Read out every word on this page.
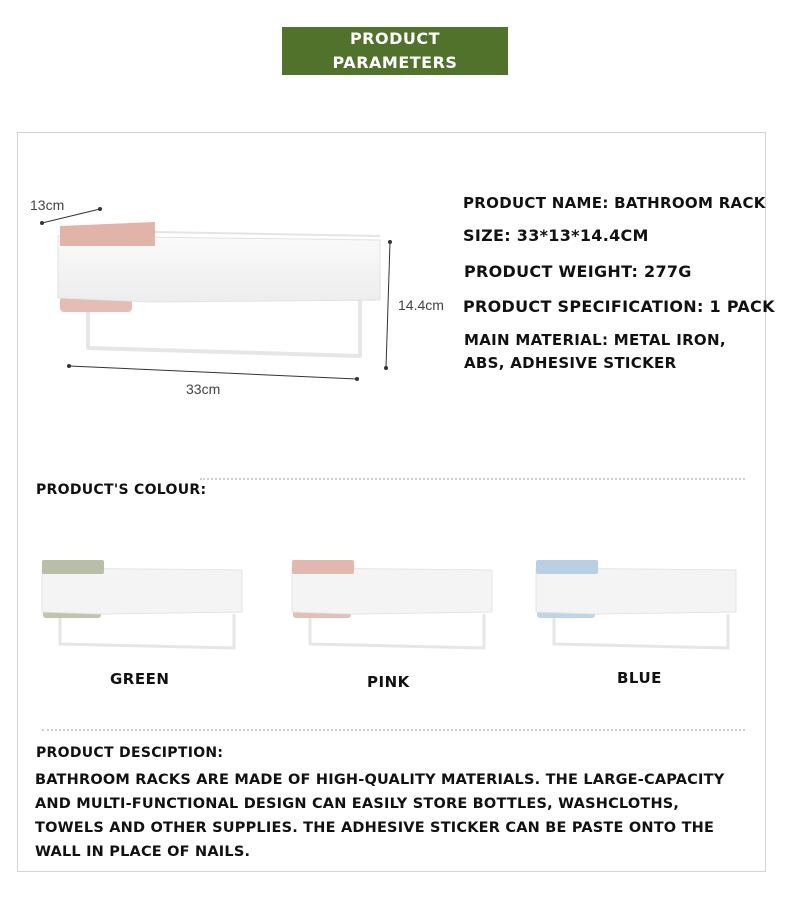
PRODUCT
PARAMETERS
13cm
14.4cm
33cm
PRODUCT NAME: BATHROOM RACK
SIZE: 33*13*14.4CM
PRODUCT WEIGHT: 277G
PRODUCT SPECIFICATION: 1 PACK
MAIN MATERIAL: METAL IRON,
ABS, ADHESIVE STICKER
PRODUCT'S COLOUR:
GREEN	PINK	BLUE
PRODUCT DESCIPTION:
BATHROOM RACKS ARE MADE OF HIGH-QUALITY MATERIALS. THE LARGE-CAPACITY
AND MULTI-FUNCTIONAL DESIGN CAN EASILY STORE BOTTLES, WASHCLOTHS,
TOWELS AND OTHER SUPPLIES. THE ADHESIVE STICKER CAN BE PASTE ONTO THE
WALL IN PLACE OF NAILS.
